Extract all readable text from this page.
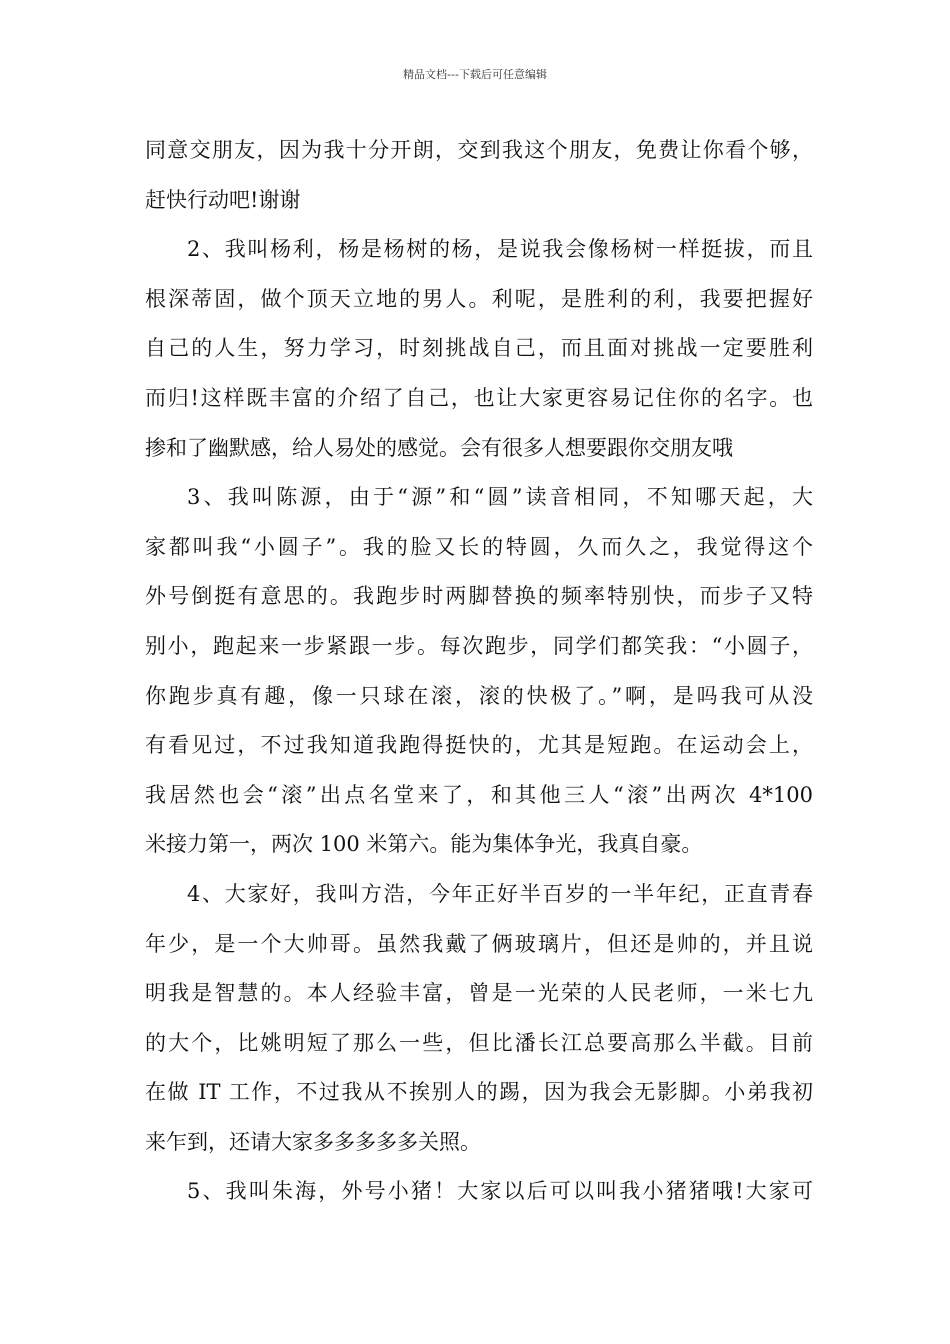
精品文档---下载后可任意编辑
同意交朋友，因为我十分开朗，交到我这个朋友，免费让你看个够，
赶快行动吧!谢谢
2、我叫杨利，杨是杨树的杨，是说我会像杨树一样挺拔，而且
根深蒂固，做个顶天立地的男人。利呢，是胜利的利，我要把握好
自己的人生，努力学习，时刻挑战自己，而且面对挑战一定要胜利
而归!这样既丰富的介绍了自己，也让大家更容易记住你的名字。也
掺和了幽默感，给人易处的感觉。会有很多人想要跟你交朋友哦
3、我叫陈源，由于“源”和“圆”读音相同，不知哪天起，大
家都叫我“小圆子”。我的脸又长的特圆，久而久之，我觉得这个
外号倒挺有意思的。我跑步时两脚替换的频率特别快，而步子又特
别小，跑起来一步紧跟一步。每次跑步，同学们都笑我：“小圆子，
你跑步真有趣，像一只球在滚，滚的快极了。”啊，是吗我可从没
有看见过，不过我知道我跑得挺快的，尤其是短跑。在运动会上，
我居然也会“滚”出点名堂来了，和其他三人“滚”出两次 4*100
米接力第一，两次 100 米第六。能为集体争光，我真自豪。
4、大家好，我叫方浩，今年正好半百岁的一半年纪，正直青春
年少，是一个大帅哥。虽然我戴了俩玻璃片，但还是帅的，并且说
明我是智慧的。本人经验丰富，曾是一光荣的人民老师，一米七九
的大个，比姚明短了那么一些，但比潘长江总要高那么半截。目前
在做 IT 工作，不过我从不挨别人的踢，因为我会无影脚。小弟我初
来乍到，还请大家多多多多多关照。
5、我叫朱海，外号小猪！大家以后可以叫我小猪猪哦!大家可
